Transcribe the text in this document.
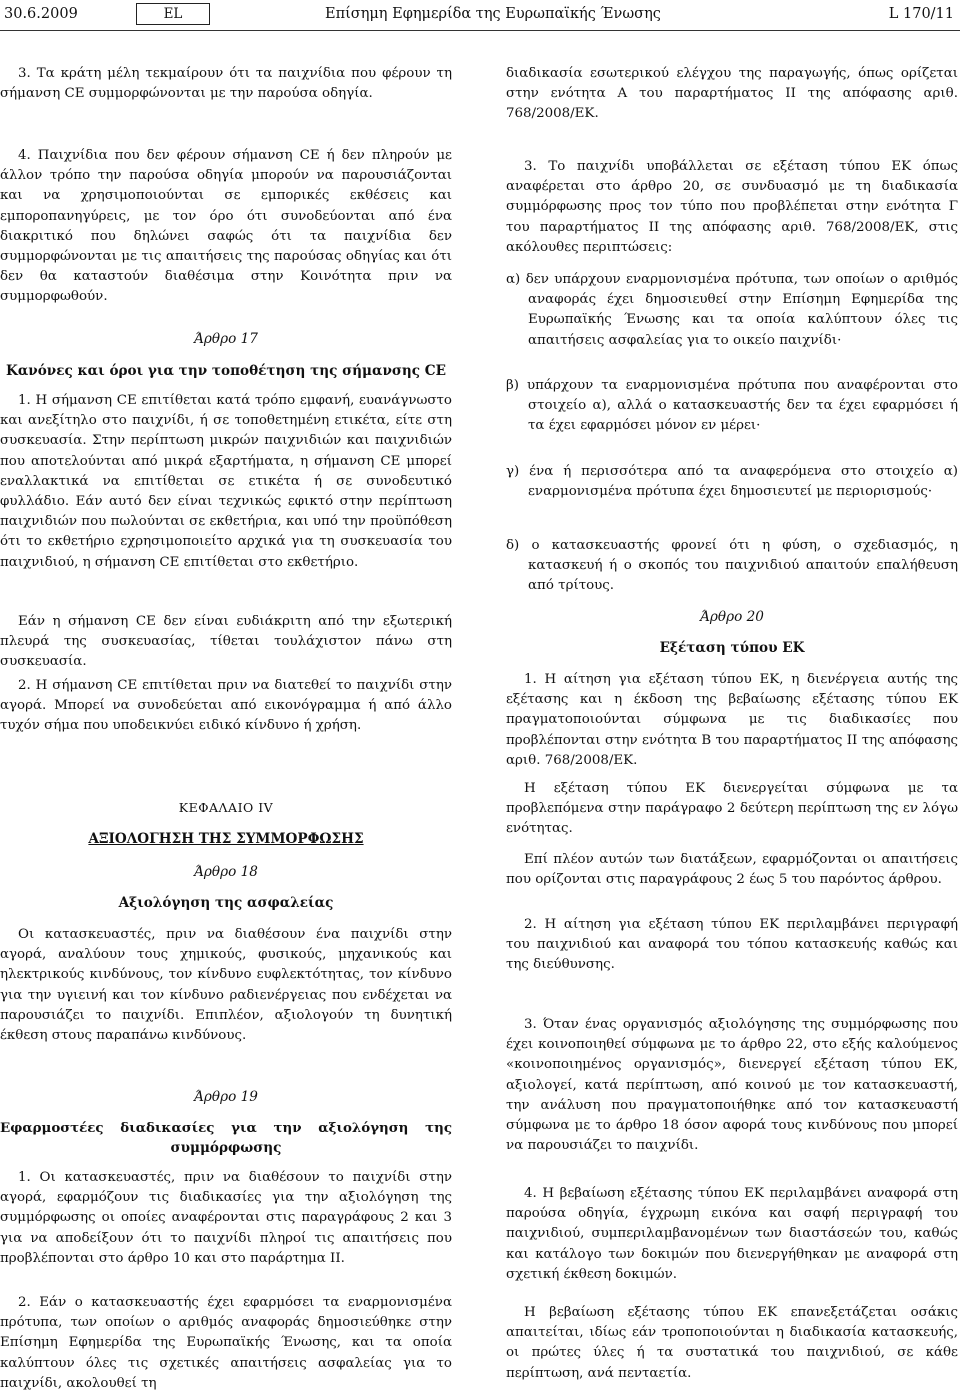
30.6.2009	EL	Επίσημη Εφημερίδα της Ευρωπαϊκής Ένωσης	L 170/11

3. Τα κράτη μέλη τεκμαίρουν ότι τα παιχνίδια που φέρουν τη σήμανση CE συμμορφώνονται με την παρούσα οδηγία.

4. Παιχνίδια που δεν φέρουν σήμανση CE ή δεν πληρούν με άλλον τρόπο την παρούσα οδηγία μπορούν να παρουσιάζονται και να χρησιμοποιούνται σε εμπορικές εκθέσεις και εμποροπανηγύρεις, με τον όρο ότι συνοδεύονται από ένα διακριτικό που δηλώνει σαφώς ότι τα παιχνίδια δεν συμμορφώνονται με τις απαιτήσεις της παρούσας οδηγίας και ότι δεν θα καταστούν διαθέσιμα στην Κοινότητα πριν να συμμορφωθούν.

Άρθρο 17
Κανόνες και όροι για την τοποθέτηση της σήμανσης CE

1. Η σήμανση CE επιτίθεται κατά τρόπο εμφανή, ευανάγνωστο και ανεξίτηλο στο παιχνίδι, ή σε τοποθετημένη ετικέτα, είτε στη συσκευασία. Στην περίπτωση μικρών παιχνιδιών και παιχνιδιών που αποτελούνται από μικρά εξαρτήματα, η σήμανση CE μπορεί εναλλακτικά να επιτίθεται σε ετικέτα ή σε συνοδευτικό φυλλάδιο. Εάν αυτό δεν είναι τεχνικώς εφικτό στην περίπτωση παιχνιδιών που πωλούνται σε εκθετήρια, και υπό την προϋπόθεση ότι το εκθετήριο εχρησιμοποιείτο αρχικά για τη συσκευασία του παιχνιδιού, η σήμανση CE επιτίθεται στο εκθετήριο.

Εάν η σήμανση CE δεν είναι ευδιάκριτη από την εξωτερική πλευρά της συσκευασίας, τίθεται τουλάχιστον πάνω στη συσκευασία.

2. Η σήμανση CE επιτίθεται πριν να διατεθεί το παιχνίδι στην αγορά. Μπορεί να συνοδεύεται από εικονόγραμμα ή από άλλο τυχόν σήμα που υποδεικνύει ειδικό κίνδυνο ή χρήση.

ΚΕΦΑΛΑΙΟ IV
ΑΞΙΟΛΟΓΗΣΗ ΤΗΣ ΣΥΜΜΟΡΦΩΣΗΣ
Άρθρο 18
Αξιολόγηση της ασφαλείας

Οι κατασκευαστές, πριν να διαθέσουν ένα παιχνίδι στην αγορά, αναλύουν τους χημικούς, φυσικούς, μηχανικούς και ηλεκτρικούς κινδύνους, τον κίνδυνο ευφλεκτότητας, τον κίνδυνο για την υγιεινή και τον κίνδυνο ραδιενέργειας που ενδέχεται να παρουσιάζει το παιχνίδι. Επιπλέον, αξιολογούν τη δυνητική έκθεση στους παραπάνω κινδύνους.

Άρθρο 19
Εφαρμοστέες διαδικασίες για την αξιολόγηση της
συμμόρφωσης

1. Οι κατασκευαστές, πριν να διαθέσουν το παιχνίδι στην αγορά, εφαρμόζουν τις διαδικασίες για την αξιολόγηση της συμμόρφωσης οι οποίες αναφέρονται στις παραγράφους 2 και 3 για να αποδείξουν ότι το παιχνίδι πληροί τις απαιτήσεις που προβλέπονται στο άρθρο 10 και στο παράρτημα II.

2. Εάν ο κατασκευαστής έχει εφαρμόσει τα εναρμονισμένα πρότυπα, των οποίων ο αριθμός αναφοράς δημοσιεύθηκε στην Επίσημη Εφημερίδα της Ευρωπαϊκής Ένωσης, και τα οποία καλύπτουν όλες τις σχετικές απαιτήσεις ασφαλείας για το παιχνίδι, ακολουθεί τη

διαδικασία εσωτερικού ελέγχου της παραγωγής, όπως ορίζεται στην ενότητα Α του παραρτήματος II της απόφασης αριθ. 768/2008/ΕΚ.

3. Το παιχνίδι υποβάλλεται σε εξέταση τύπου ΕΚ όπως αναφέρεται στο άρθρο 20, σε συνδυασμό με τη διαδικασία συμμόρφωσης προς τον τύπο που προβλέπεται στην ενότητα Γ του παραρτήματος II της απόφασης αριθ. 768/2008/ΕΚ, στις ακόλουθες περιπτώσεις:

α) δεν υπάρχουν εναρμονισμένα πρότυπα, των οποίων ο αριθμός αναφοράς έχει δημοσιευθεί στην Επίσημη Εφημερίδα της Ευρωπαϊκής Ένωσης και τα οποία καλύπτουν όλες τις απαιτήσεις ασφαλείας για το οικείο παιχνίδι·
β) υπάρχουν τα εναρμονισμένα πρότυπα που αναφέρονται στο στοιχείο α), αλλά ο κατασκευαστής δεν τα έχει εφαρμόσει ή τα έχει εφαρμόσει μόνον εν μέρει·
γ) ένα ή περισσότερα από τα αναφερόμενα στο στοιχείο α) εναρμονισμένα πρότυπα έχει δημοσιευτεί με περιορισμούς·
δ) ο κατασκευαστής φρονεί ότι η φύση, ο σχεδιασμός, η κατασκευή ή ο σκοπός του παιχνιδιού απαιτούν επαλήθευση από τρίτους.
Άρθρο 20
Εξέταση τύπου ΕΚ

1. Η αίτηση για εξέταση τύπου ΕΚ, η διενέργεια αυτής της εξέτασης και η έκδοση της βεβαίωσης εξέτασης τύπου ΕΚ πραγματοποιούνται σύμφωνα με τις διαδικασίες που προβλέπονται στην ενότητα Β του παραρτήματος II της απόφασης αριθ. 768/2008/ΕΚ.

Η εξέταση τύπου ΕΚ διενεργείται σύμφωνα με τα προβλεπόμενα στην παράγραφο 2 δεύτερη περίπτωση της εν λόγω ενότητας.

Επί πλέον αυτών των διατάξεων, εφαρμόζονται οι απαιτήσεις που ορίζονται στις παραγράφους 2 έως 5 του παρόντος άρθρου.

2. Η αίτηση για εξέταση τύπου ΕΚ περιλαμβάνει περιγραφή του παιχνιδιού και αναφορά του τόπου κατασκευής καθώς και της διεύθυνσης.

3. Όταν ένας οργανισμός αξιολόγησης της συμμόρφωσης που έχει κοινοποιηθεί σύμφωνα με το άρθρο 22, στο εξής καλούμενος «κοινοποιημένος οργανισμός», διενεργεί εξέταση τύπου ΕΚ, αξιολογεί, κατά περίπτωση, από κοινού με τον κατασκευαστή, την ανάλυση που πραγματοποιήθηκε από τον κατασκευαστή σύμφωνα με το άρθρο 18 όσον αφορά τους κινδύνους που μπορεί να παρουσιάζει το παιχνίδι.

4. Η βεβαίωση εξέτασης τύπου ΕΚ περιλαμβάνει αναφορά στη παρούσα οδηγία, έγχρωμη εικόνα και σαφή περιγραφή του παιχνιδιού, συμπεριλαμβανομένων των διαστάσεών του, καθώς και κατάλογο των δοκιμών που διενεργήθηκαν με αναφορά στη σχετική έκθεση δοκιμών.

Η βεβαίωση εξέτασης τύπου ΕΚ επανεξετάζεται οσάκις απαιτείται, ιδίως εάν τροποποιούνται η διαδικασία κατασκευής, οι πρώτες ύλες ή τα συστατικά του παιχνιδιού, σε κάθε περίπτωση, ανά πενταετία.
